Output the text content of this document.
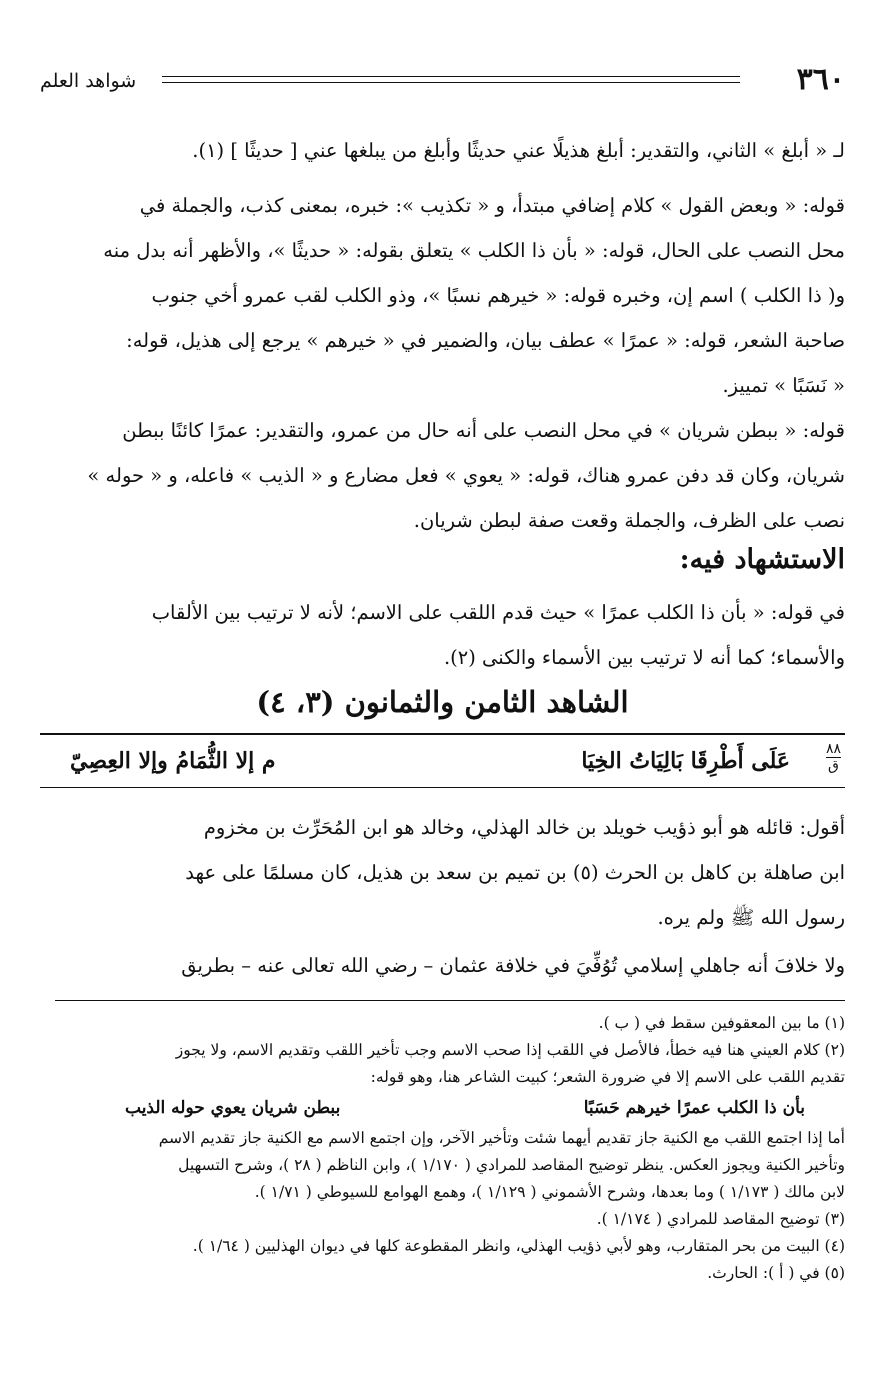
٣٦٠
شواهد العلم

لـ « أبلغ » الثاني، والتقدير: أبلغ هذيلًا عني حديثًا وأبلغ من يبلغها عني [ حديثًا ] (١).

قوله: « وبعض القول » كلام إضافي مبتدأ، و « تكذيب »: خبره، بمعنى كذب، والجملة في
محل النصب على الحال، قوله: « بأن ذا الكلب » يتعلق بقوله: « حديثًا »، والأظهر أنه بدل منه
و( ذا الكلب ) اسم إن، وخبره قوله: « خيرهم نسبًا »، وذو الكلب لقب عمرو أخي جنوب
صاحبة الشعر، قوله: « عمرًا » عطف بيان، والضمير في « خيرهم » يرجع إلى هذيل، قوله:
« نَسَبًا » تمييز.

قوله: « ببطن شريان » في محل النصب على أنه حال من عمرو، والتقدير: عمرًا كائنًا ببطن
شريان، وكان قد دفن عمرو هناك، قوله: « يعوي » فعل مضارع و « الذيب » فاعله، و « حوله »
نصب على الظرف، والجملة وقعت صفة لبطن شريان.

الاستشهاد فيه:

في قوله: « بأن ذا الكلب عمرًا » حيث قدم اللقب على الاسم؛ لأنه لا ترتيب بين الألقاب
والأسماء؛ كما أنه لا ترتيب بين الأسماء والكنى (٢).

الشاهد الثامن والثمانون (٣، ٤)
٨٨
ق
عَلَى أَطْرِقَا بَالِيَاتُ الخِيَا
م إلا الثُّمَامُ وإلا العِصِيّ

أقول: قائله هو أبو ذؤيب خويلد بن خالد الهذلي، وخالد هو ابن المُحَرِّث بن مخزوم
ابن صاهلة بن كاهل بن الحرث (٥) بن تميم بن سعد بن هذيل، كان مسلمًا على عهد
رسول الله ﷺ ولم يره.

ولا خلافَ أنه جاهلي إسلامي تُوُفِّيَ في خلافة عثمان – رضي الله تعالى عنه – بطريق

(١) ما بين المعقوفين سقط في ( ب ).
(٢) كلام العيني هنا فيه خطأ، فالأصل في اللقب إذا صحب الاسم وجب تأخير اللقب وتقديم الاسم، ولا يجوز
تقديم اللقب على الاسم إلا في ضرورة الشعر؛ كبيت الشاعر هنا، وهو قوله:
بأن ذا الكلب عمرًا خيرهم حَسَبًا
ببطن شريان يعوي حوله الذيب
أما إذا اجتمع اللقب مع الكنية جاز تقديم أيهما شئت وتأخير الآخر، وإن اجتمع الاسم مع الكنية جاز تقديم الاسم
وتأخير الكنية ويجوز العكس. ينظر توضيح المقاصد للمرادي ( ١/١٧٠ )، وابن الناظم ( ٢٨ )، وشرح التسهيل
لابن مالك ( ١/١٧٣ ) وما بعدها، وشرح الأشموني ( ١/١٢٩ )، وهمع الهوامع للسيوطي ( ١/٧١ ).
(٣) توضيح المقاصد للمرادي ( ١/١٧٤ ).
(٤) البيت من بحر المتقارب، وهو لأبي ذؤيب الهذلي، وانظر المقطوعة كلها في ديوان الهذليين ( ١/٦٤ ).
(٥) في ( أ ): الحارث.
